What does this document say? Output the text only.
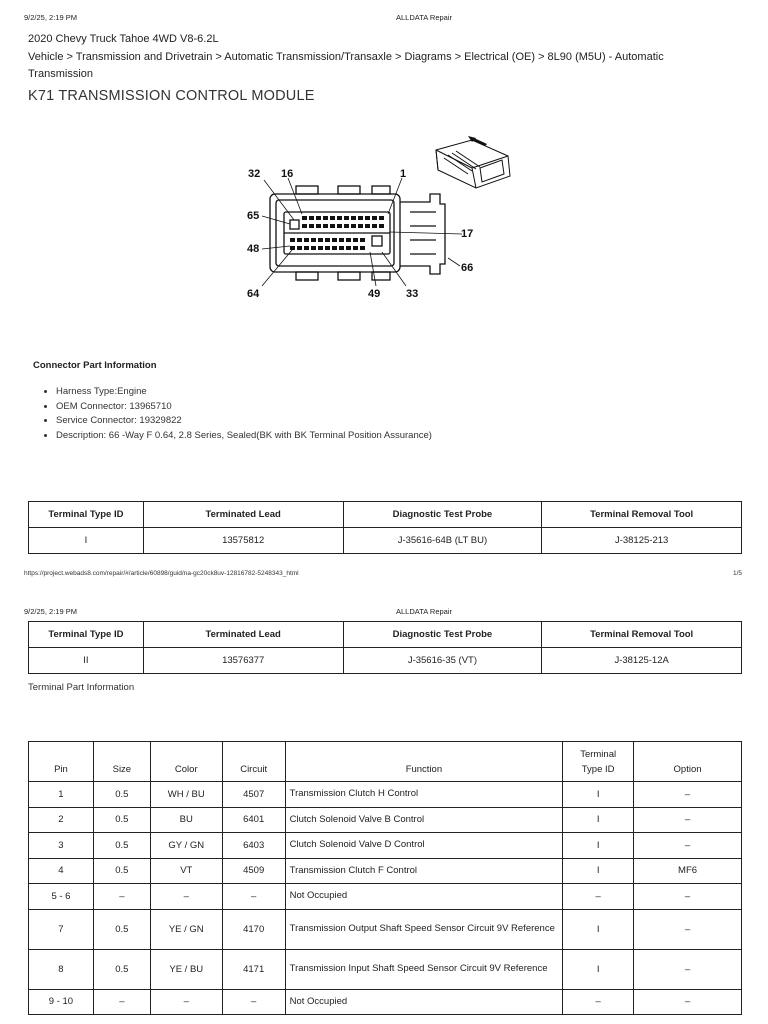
9/2/25, 2:19 PM	ALLDATA Repair
2020 Chevy Truck Tahoe 4WD V8-6.2L
Vehicle > Transmission and Drivetrain > Automatic Transmission/Transaxle > Diagrams > Electrical (OE) > 8L90 (M5U) - Automatic Transmission
K71 TRANSMISSION CONTROL MODULE
32 16	1
65
17
48
66
64	49 33
Connector Part Information
• Harness Type:Engine
• OEM Connector: 13965710
• Service Connector: 19329822
• Description: 66 -Way F 0.64, 2.8 Series, Sealed(BK with BK Terminal Position Assurance)
Terminal Type ID	Terminated Lead	Diagnostic Test Probe	Terminal Removal Tool
I	13575812	J-35616-64B (LT BU)	J-38125-213
https://project.webads8.com/repair/#/article/60898/guid/na-gc20ck8uv-12816782-5248343_html	1/5
9/2/25, 2:19 PM	ALLDATA Repair
Terminal Type ID	Terminated Lead	Diagnostic Test Probe	Terminal Removal Tool
II	13576377	J-35616-35 (VT)	J-38125-12A
Terminal Part Information
Pin	Size	Color	Circuit	Function	Terminal
Type ID	Option
1	0.5	WH / BU	4507	Transmission Clutch H Control	I	–
2	0.5	BU	6401	Clutch Solenoid Valve B Control	I	–
3	0.5	GY / GN	6403	Clutch Solenoid Valve D Control	I	–
4	0.5	VT	4509	Transmission Clutch F Control	I	MF6
5 - 6	–	–	–	Not Occupied	–	–
7	0.5	YE / GN	4170	Transmission Output Shaft Speed Sensor Circuit 9V Reference	I	–
8	0.5	YE / BU	4171	Transmission Input Shaft Speed Sensor Circuit 9V Reference	I	–
9 - 10	–	–	–	Not Occupied	–	–
